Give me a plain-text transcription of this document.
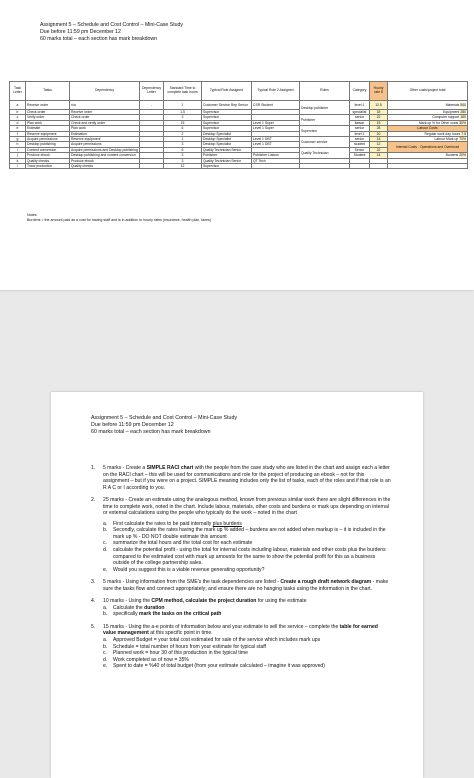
Assignment 5 – Schedule and Cost Control – Mini-Case Study
Due before 11:59 pm December 12
60 marks total – each section has mark breakdown
Task Letter	Tasks	Dependency	Dependency Letter	Standard Time to complete task hours	Typical Role Assigned	Typical Role 2 Assigned	Roles	Category	Hourly rate $	Other costs/project total
a	Receive order	n/a	-	1	Customer Service Rep Senior	CSR Student	Desktop publisher	level 1	12.5	Materials 500
b	Check order	Receive order		1.5	Supervisor			specialist	18	Equipment 280
c	Verify order	Check order		3	Supervisor		Publisher	senior	22	Computer support 160
d	Plan work	Check and verify order		15	Supervisor	Level 1 Super		liaison	15	Mark up % for Other costs 30%
e	Estimate	Plan work		6	Supervisor	Level 1 Super	Supervisor	senior	28	Labour Costs
f	Reserve equipment	Estimation		2	Desktop Specialist			level 1	20	Regular work day hours 7.5
g	Acquire permissions	Reserve equipment		1	Desktop Specialist	Level 1 DBT	Customer service	senior	14	Labour Mark up 70%
h	Desktop publishing	Acquire permissions		3	Desktop Specialist	Level 1 DBT		student	12	Internal Costs - Operations and Overhead
i	Content conversion	Acquire permissions and Desktop publishing		6	Quality Technician Senior		Quality Technician	Senior	22	
j	Produce ebook	Desktop publishing and content conversion		3	Publisher	Publisher Liaison		Student	14	Burdens 20%
k	Quality checks	Produce ebook		3	Quality Technician Senior	QT Tech				
l	Track production	Quality checks		12	Supervisor					
Notes:
Burdens = the amount paid as a cost for having staff and is in addition to hourly rates (insurance, health plan, taxes)
Assignment 5 – Schedule and Cost Control – Mini-Case Study
Due before 11:59 pm December 12
60 marks total – each section has mark breakdown
1.	5 marks - Create a SIMPLE RACI chart with the people from the case study who are listed in the chart and assign each a letter on the RACI chart – this will be used for communications and role for the project of producing an ebook – not for this assignment – but if you were on a project. SIMPLE meaning includes only the list of tasks, each of the roles and if that role is an R A C or I according to you.
2.	25 marks - Create an estimate using the analogous method, known from previous similar work there are slight differences in the time to complete work, noted in the chart. Include labour, materials, other costs and burdens or mark ups depending on internal or external calculations using the people who typically do the work – noted in the chart
a.	First calculate the rates to be paid internally plus burdens
b.	Secondly, calculate the rates having the mark up % added – burdens are not added when markup is – it is included in the mark up % - DO NOT double estimate this amount
c.	summarize the total hours and the total cost for each estimate
d.	calculate the potential profit - using the total for internal costs including labour, materials and other costs plus the burdens compared to the estimated cost with mark up amounts for the same to show the potential profit for this as a business outside of the college partnership sales.
e.	Would you suggest this is a viable revenue generating opportunity?
3.	5 marks - Using information from the SME's the task dependencies are listed - Create a rough draft network diagram - make sure the tasks flow and connect appropriately; and ensure there are no hanging tasks using the information in the chart.
4.	10 marks - Using the CPM method, calculate the project duration for using the estimate
a.	Calculate the duration
b.	specifically mark the tasks on the critical path
5.	15 marks - Using the a-e points of information below and your estimate to sell the service – complete the table for earned value management at this specific point in time.
a.	Approved Budget = your total cost estimated for sale of the service which includes mark ups
b.	Schedule = total number of hours from your estimate for typical staff
c.	Planned work = hour 30 of this production in the typical time
d.	Work completed as of now = 35%
e.	Spent to date = %40 of total budget (from your estimate calculated – imagine it was approved)
